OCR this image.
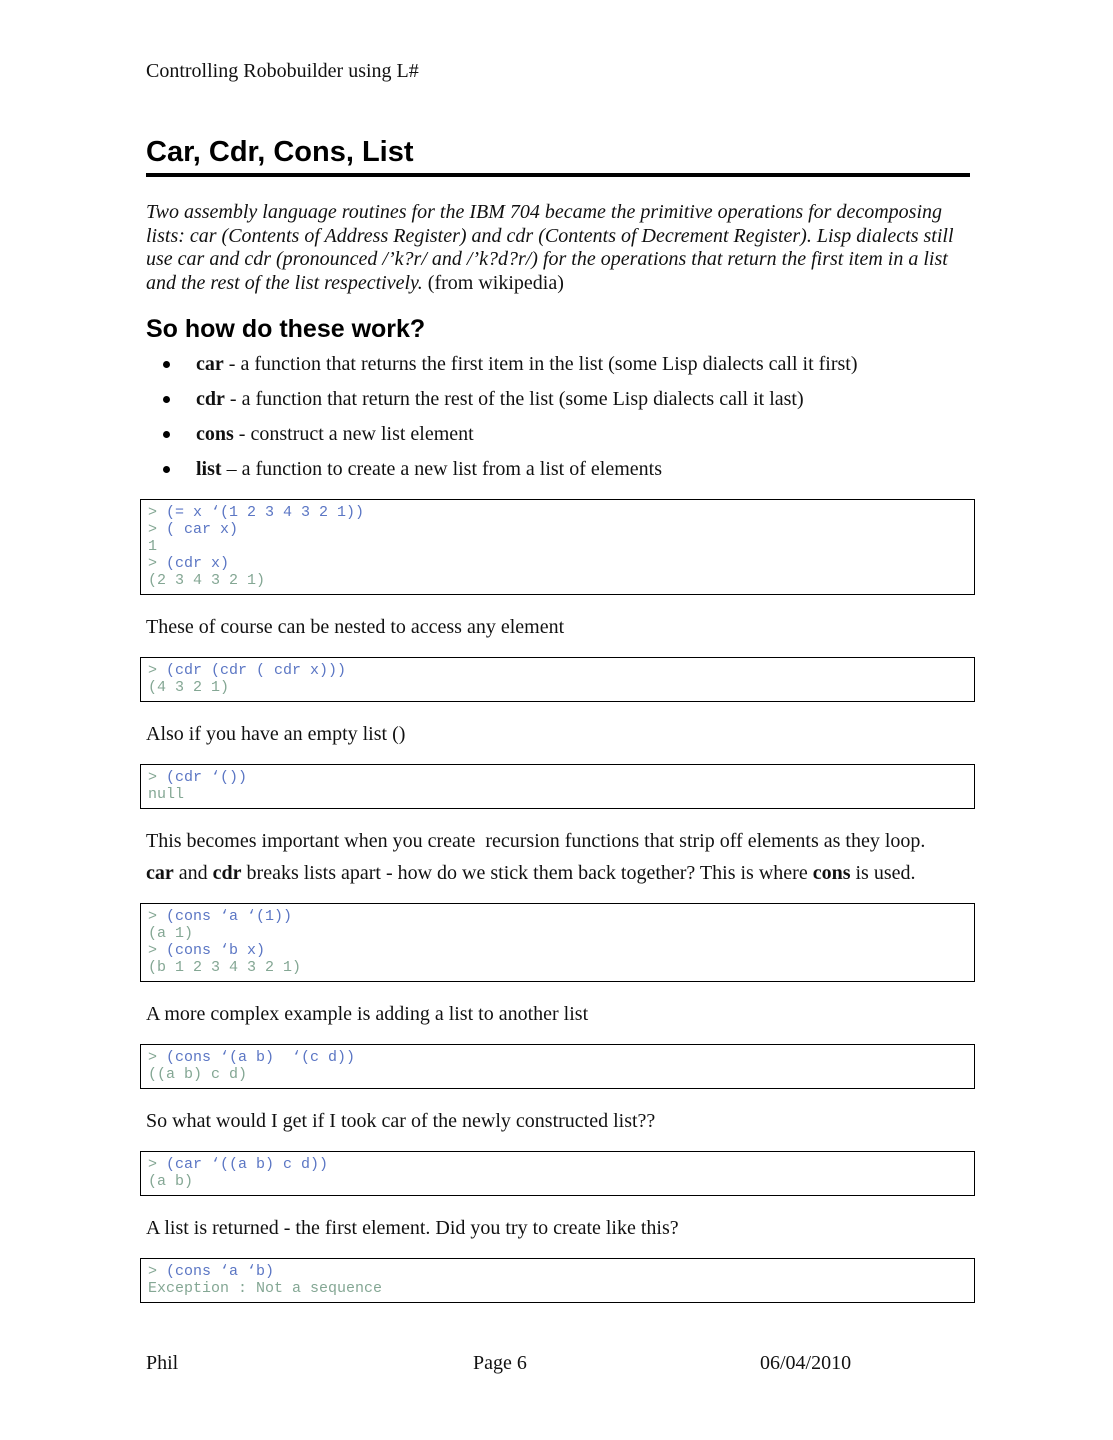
Controlling Robobuilder using L#
Car, Cdr, Cons, List

Two assembly language routines for the IBM 704 became the primitive operations for decomposing lists: car (Contents of Address Register) and cdr (Contents of Decrement Register). Lisp dialects still use car and cdr (pronounced /’k?r/ and /’k?d?r/) for the operations that return the first item in a list and the rest of the list respectively. (from wikipedia)

So how do these work?
car - a function that returns the first item in the list (some Lisp dialects call it first)
cdr - a function that return the rest of the list (some Lisp dialects call it last)
cons - construct a new list element
list – a function to create a new list from a list of elements
> (= x ‘(1 2 3 4 3 2 1))
> ( car x)
1
> (cdr x)
(2 3 4 3 2 1)

These of course can be nested to access any element

> (cdr (cdr ( cdr x)))
(4 3 2 1)

Also if you have an empty list ()

> (cdr ‘())
null

This becomes important when you create  recursion functions that strip off elements as they loop.

car and cdr breaks lists apart - how do we stick them back together? This is where cons is used.

> (cons ‘a ‘(1))
(a 1)
> (cons ‘b x)
(b 1 2 3 4 3 2 1)

A more complex example is adding a list to another list

> (cons ‘(a b)  ‘(c d))
((a b) c d)

So what would I get if I took car of the newly constructed list??

> (car ‘((a b) c d))
(a b)

A list is returned - the first element. Did you try to create like this?

> (cons ‘a ‘b)
Exception : Not a sequence
Phil	Page 6	06/04/2010
